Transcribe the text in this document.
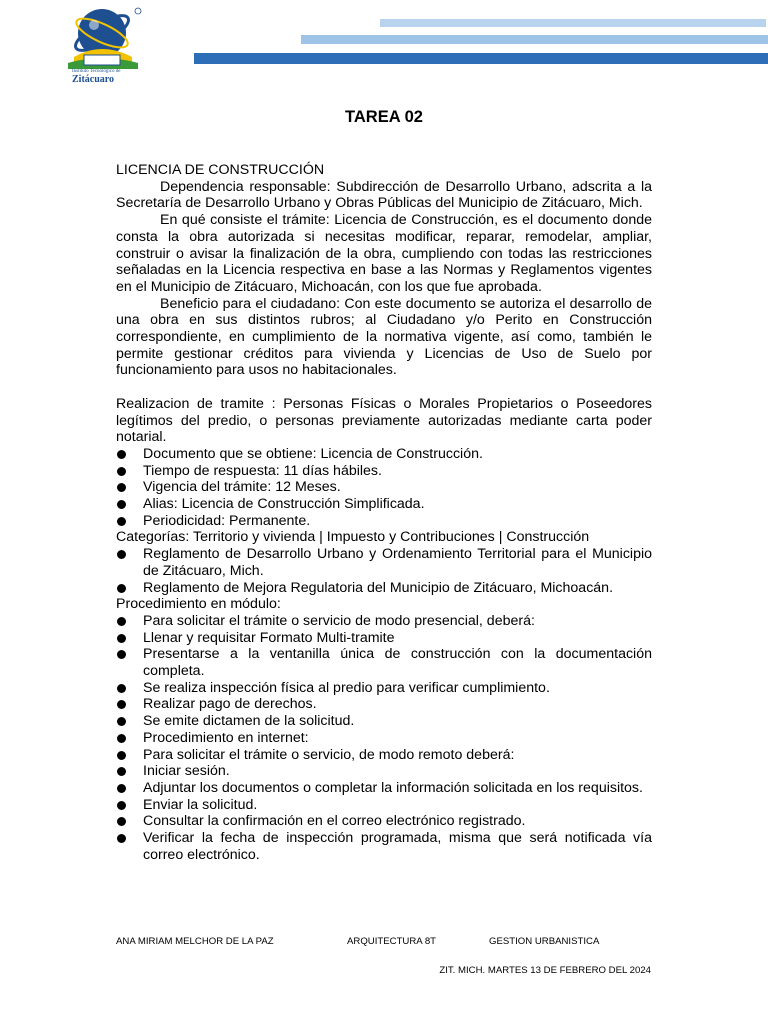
Instituto Tecnológico de
Zitácuaro
TAREA 02

LICENCIA DE CONSTRUCCIÓN

Dependencia responsable: Subdirección de Desarrollo Urbano, adscrita a la Secretaría de Desarrollo Urbano y Obras Públicas del Municipio de Zitácuaro, Mich.

En qué consiste el trámite: Licencia de Construcción, es el documento donde consta la obra autorizada si necesitas modificar, reparar, remodelar, ampliar, construir o avisar la finalización de la obra, cumpliendo con todas las restricciones señaladas en la Licencia respectiva en base a las Normas y Reglamentos vigentes en el Municipio de Zitácuaro, Michoacán, con los que fue aprobada.

Beneficio para el ciudadano: Con este documento se autoriza el desarrollo de una obra en sus distintos rubros; al Ciudadano y/o Perito en Construcción correspondiente, en cumplimiento de la normativa vigente, así como, también le permite gestionar créditos para vivienda y Licencias de Uso de Suelo por funcionamiento para usos no habitacionales.

Realizacion de tramite : Personas Físicas o Morales Propietarios o Poseedores legítimos del predio, o personas previamente autorizadas mediante carta poder notarial.

Documento que se obtiene: Licencia de Construcción.
Tiempo de respuesta: 11 días hábiles.
Vigencia del trámite: 12 Meses.
Alias: Licencia de Construcción Simplificada.
Periodicidad: Permanente.

Categorías: Territorio y vivienda | Impuesto y Contribuciones | Construcción

Reglamento de Desarrollo Urbano y Ordenamiento Territorial para el Municipio de Zitácuaro, Mich.
Reglamento de Mejora Regulatoria del Municipio de Zitácuaro, Michoacán.

Procedimiento en módulo:

Para solicitar el trámite o servicio de modo presencial, deberá:
Llenar y requisitar Formato Multi-tramite
Presentarse a la ventanilla única de construcción con la documentación completa.
Se realiza inspección física al predio para verificar cumplimiento.
Realizar pago de derechos.
Se emite dictamen de la solicitud.
Procedimiento en internet:
Para solicitar el trámite o servicio, de modo remoto deberá:
Iniciar sesión.
Adjuntar los documentos o completar la información solicitada en los requisitos.
Enviar la solicitud.
Consultar la confirmación en el correo electrónico registrado.
Verificar la fecha de inspección programada, misma que será notificada vía correo electrónico.
ANA MIRIAM MELCHOR DE LA PAZ	ARQUITECTURA 8T	GESTION URBANISTICA
ZIT. MICH. MARTES 13 DE FEBRERO DEL 2024
